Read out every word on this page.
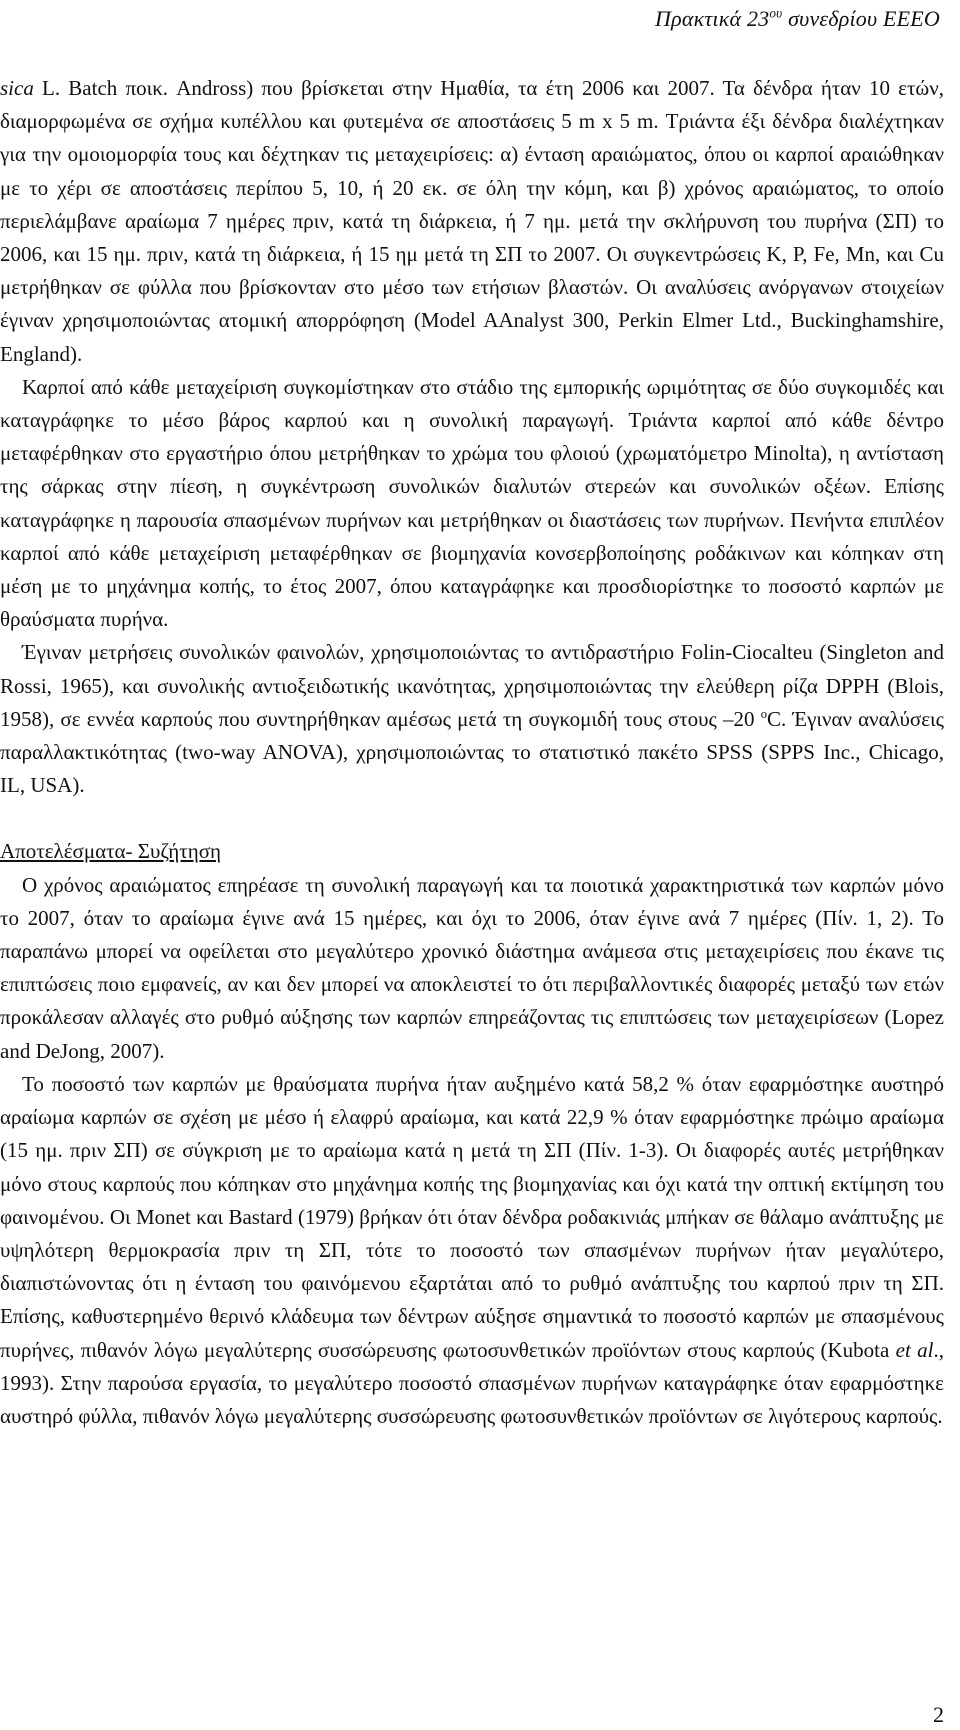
Πρακτικά $23^{o\upsilon}$ συνεδρίου ΕΕΕΟ

sica L. Batch ποικ. Andross) που βρίσκεται στην Ημαθία, τα έτη 2006 και 2007. Τα δένδρα ήταν 10 ετών, διαμορφωμένα σε σχήμα κυπέλλου και φυτεμένα σε αποστάσεις 5 m x 5 m. Τριάντα έξι δένδρα διαλέχτηκαν για την ομοιομορφία τους και δέχτηκαν τις μεταχειρίσεις: α) ένταση αραιώματος, όπου οι καρποί αραιώθηκαν με το χέρι σε αποστάσεις περίπου 5, 10, ή 20 εκ. σε όλη την κόμη, και β) χρόνος αραιώματος, το οποίο περιελάμβανε αραίωμα 7 ημέρες πριν, κατά τη διάρκεια, ή 7 ημ. μετά την σκλήρυνση του πυρήνα (ΣΠ) το 2006, και 15 ημ. πριν, κατά τη διάρκεια, ή 15 ημ μετά τη ΣΠ το 2007. Οι συγκεντρώσεις K, P, Fe, Mn, και Cu μετρήθηκαν σε φύλλα που βρίσκονταν στο μέσο των ετήσιων βλαστών. Οι αναλύσεις ανόργανων στοιχείων έγιναν χρησιμοποιώντας ατομική απορρόφηση (Model AAnalyst 300, Perkin Elmer Ltd., Buckinghamshire, England).

Καρποί από κάθε μεταχείριση συγκομίστηκαν στο στάδιο της εμπορικής ωριμότητας σε δύο συγκομιδές και καταγράφηκε το μέσο βάρος καρπού και η συνολική παραγωγή. Τριάντα καρποί από κάθε δέντρο μεταφέρθηκαν στο εργαστήριο όπου μετρήθηκαν το χρώμα του φλοιού (χρωματόμετρο Minolta), η αντίσταση της σάρκας στην πίεση, η συγκέντρωση συνολικών διαλυτών στερεών και συνολικών οξέων. Επίσης καταγράφηκε η παρουσία σπασμένων πυρήνων και μετρήθηκαν οι διαστάσεις των πυρήνων. Πενήντα επιπλέον καρποί από κάθε μεταχείριση μεταφέρθηκαν σε βιομηχανία κονσερβοποίησης ροδάκινων και κόπηκαν στη μέση με το μηχάνημα κοπής, το έτος 2007, όπου καταγράφηκε και προσδιορίστηκε το ποσοστό καρπών με θραύσματα πυρήνα.

Έγιναν μετρήσεις συνολικών φαινολών, χρησιμοποιώντας το αντιδραστήριο Folin-Ciocalteu (Singleton and Rossi, 1965), και συνολικής αντιοξειδωτικής ικανότητας, χρησιμοποιώντας την ελεύθερη ρίζα DPPH (Blois, 1958), σε εννέα καρπούς που συντηρήθηκαν αμέσως μετά τη συγκομιδή τους στους –20 $^o$C. Έγιναν αναλύσεις παραλλακτικότητας (two-way ANOVA), χρησιμοποιώντας το στατιστικό πακέτο SPSS (SPPS Inc., Chicago, IL, USA).

Αποτελέσματα- Συζήτηση

Ο χρόνος αραιώματος επηρέασε τη συνολική παραγωγή και τα ποιοτικά χαρακτηριστικά των καρπών μόνο το 2007, όταν το αραίωμα έγινε ανά 15 ημέρες, και όχι το 2006, όταν έγινε ανά 7 ημέρες (Πίν. 1, 2). Το παραπάνω μπορεί να οφείλεται στο μεγαλύτερο χρονικό διάστημα ανάμεσα στις μεταχειρίσεις που έκανε τις επιπτώσεις ποιο εμφανείς, αν και δεν μπορεί να αποκλειστεί το ότι περιβαλλοντικές διαφορές μεταξύ των ετών προκάλεσαν αλλαγές στο ρυθμό αύξησης των καρπών επηρεάζοντας τις επιπτώσεις των μεταχειρίσεων (Lopez and DeJong, 2007).

Το ποσοστό των καρπών με θραύσματα πυρήνα ήταν αυξημένο κατά 58,2 % όταν εφαρμόστηκε αυστηρό αραίωμα καρπών σε σχέση με μέσο ή ελαφρύ αραίωμα, και κατά 22,9 % όταν εφαρμόστηκε πρώιμο αραίωμα (15 ημ. πριν ΣΠ) σε σύγκριση με το αραίωμα κατά η μετά τη ΣΠ (Πίν. 1-3). Οι διαφορές αυτές μετρήθηκαν μόνο στους καρπούς που κόπηκαν στο μηχάνημα κοπής της βιομηχανίας και όχι κατά την οπτική εκτίμηση του φαινομένου. Οι Monet και Bastard (1979) βρήκαν ότι όταν δένδρα ροδακινιάς μπήκαν σε θάλαμο ανάπτυξης με υψηλότερη θερμοκρασία πριν τη ΣΠ, τότε το ποσοστό των σπασμένων πυρήνων ήταν μεγαλύτερο, διαπιστώνοντας ότι η ένταση του φαινόμενου εξαρτάται από το ρυθμό ανάπτυξης του καρπού πριν τη ΣΠ. Επίσης, καθυστερημένο θερινό κλάδευμα των δέντρων αύξησε σημαντικά το ποσοστό καρπών με σπασμένους πυρήνες, πιθανόν λόγω μεγαλύτερης συσσώρευσης φωτοσυνθετικών προϊόντων στους καρπούς (Kubota et al., 1993). Στην παρούσα εργασία, το μεγαλύτερο ποσοστό σπασμένων πυρήνων καταγράφηκε όταν εφαρμόστηκε αυστηρό φύλλα, πιθανόν λόγω μεγαλύτερης συσσώρευσης φωτοσυνθετικών προϊόντων σε λιγότερους καρπούς.

2
